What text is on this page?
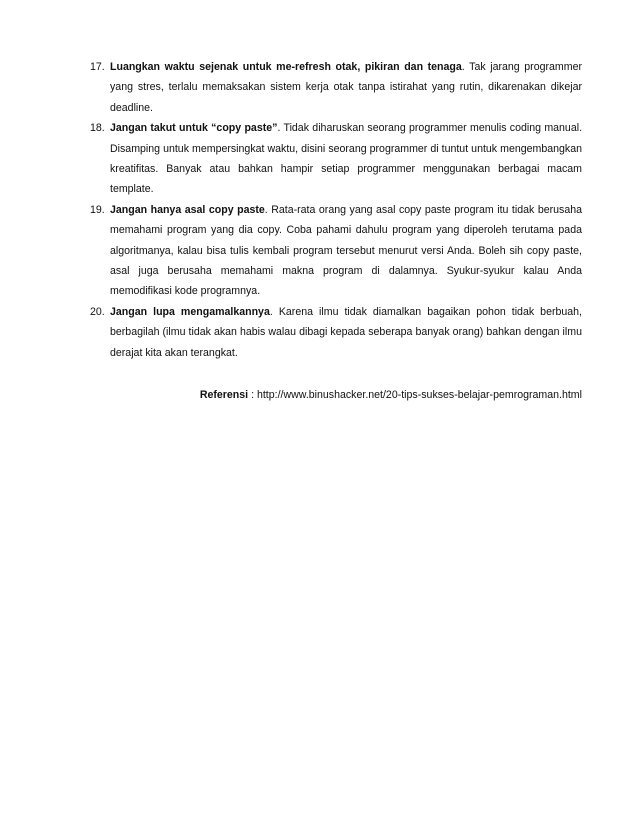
17. Luangkan waktu sejenak untuk me-refresh otak, pikiran dan tenaga. Tak jarang programmer yang stres, terlalu memaksakan sistem kerja otak tanpa istirahat yang rutin, dikarenakan dikejar deadline.
18. Jangan takut untuk “copy paste”. Tidak diharuskan seorang programmer menulis coding manual. Disamping untuk mempersingkat waktu, disini seorang programmer di tuntut untuk mengembangkan kreatifitas. Banyak atau bahkan hampir setiap programmer menggunakan berbagai macam template.
19. Jangan hanya asal copy paste. Rata-rata orang yang asal copy paste program itu tidak berusaha memahami program yang dia copy. Coba pahami dahulu program yang diperoleh terutama pada algoritmanya, kalau bisa tulis kembali program tersebut menurut versi Anda. Boleh sih copy paste, asal juga berusaha memahami makna program di dalamnya. Syukur-syukur kalau Anda memodifikasi kode programnya.
20. Jangan lupa mengamalkannya. Karena ilmu tidak diamalkan bagaikan pohon tidak berbuah, berbagilah (ilmu tidak akan habis walau dibagi kepada seberapa banyak orang) bahkan dengan ilmu derajat kita akan terangkat.
Referensi : http://www.binushacker.net/20-tips-sukses-belajar-pemrograman.html
